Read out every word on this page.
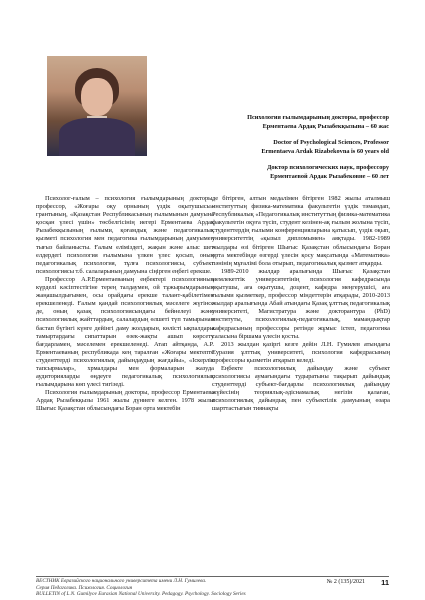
Психология ғылымдарының докторы, профессор
Ерментаева Ардақ Рызабекқызына – 60 жас
Doctor of Psychological Sciences, Professor
Ermentaeva Ardak Rizabekovna is 60 years old
Доктор психологических наук, профессору
Ерментаевой Ардак Рызабековне – 60 лет

Психолог-ғалым – психология ғылымдарының докторы, профессор, «Жоғары оқу орнының үздік оқытушысы» грантының, «Қазақстан Республикасының ғылымынын дамуына қосқан үлесі үшін» төсбелгісінің иегері Ерментаева Ардақ Рызабекқызының ғылыми, қоғамдық және педагогикалық қызметі психология мен педагогика ғылымдарының дамуымен тығыз байланысты. Ғалым еліміздегі, жақын және алыс шет елдердегі психология ғылымына үлкен үлес қосып, оның педагогикалық психология, тұлға психологиясы, субъект психологиясы т.б. салаларының дамуына сіңірген еңбегі ерекше.

Профессор А.Р.Ерментаеваның еңбектері психологияның күрделі кәсіптестігіне терең талдаумен, ой тұжырымдарының жаңашылдығымен, осы орайдағы ерекше талант-қабілетімен ерекшеленеді. Ғалым қандай психологиялық мәселеге жүгінсе де, оның қазақ психологиясындағы бейнелеуі және психологиялық жайттардың, салалардың өлшеті түп тамырынан бастап бүгінгі күнге дейінгі даму жолдарын, көлісті ықпалдары тамыртардағы сипаттарын өзек-жақты ашып көрсету бағдарламен, мәселемен ерекшеленеді. Атап айтқанда, А.Р. Ерментаеваның республикада кең таралған «Жоғары мектепте студенттерді психологиялық дайындаудың жағдайы», «Іскерлік тапсырмалар», хрмалдары мен формаларын жазуда аудиторияларды өңдеуге педагогикалық психологиялық ғылымдарына көп үлесі тигізеді.

Психология ғылымдарының докторы, профессор Ерментаева Ардақ Рызабекқызы 1961 жылы дүниеге келген. 1978 жылы Шығыс Қазақстан облысындағы Боран орта мектебін

де бітірген, алтын медалімен бітірген 1982 жылы аталмыш институттың физика-математика факультетін үздік тәмамдап, Республикалық «Педагогикалық институттың физика-математика факультетін оқуға түсіп, студент кезінен-ақ ғылым жолына түсіп, студенттердің ғылыми конференцияларына қатысып, үздік оқып, университеттің «қызыл дипломымен» аяқтады. 1982-1989 жылдары өзі бітірген Шығыс Қазақстан облысындағы Боран орта мектебінде өзгерді үлесін қосу мақсатында «Математика» пәнінің мұғалімі бола отырып, педагогикалық қызмет атқарды.

1989-2010 жылдар аралығында Шығыс Қазақстан мемлекеттік университетінің психология кафедрасында оқытушы, аға оқытушы, доцент, кафедра меңгерушісі, аға ғылыми қызметкер, профессор міндеттерін атқарады, 2010-2013 жылдар аралығында Абай атындағы Қазақ ұлттық педагогикалық университеті, Магистратура және докторантура (PhD) институты, психологиялық-педагогикалық, мамандықтар кафедрасының профессоры ретінде жұмыс істеп, педагогика саласына біршама үлесін қосты.

2013 жылдан қазіргі кезге дейін Л.Н. Гумилев атындағы Еуразия ұлттық университеті, психология кафедрасының профессоры қызметін атқарып келеді.

Еңбекте психологиялық дайындау және субъект психологиясы аумағындағы тудыратыны тақырып дайындық студенттерді субъект-бағдарлы психологиялық дайындау жүйесінің теориялық-әдіснамалық негізін қалаған, психологиялық дайындық пен субъектілік дамуының өзара шарттастығын тиянақты

ВЕСТНИК Евразийского национального университета имени Л.Н. Гумилева.
Серия Педагогика. Психология. Социология
BULLETIN of L.N. Gumilyov Eurasian National University. Pedagogy. Psychology. Sociology Series
№ 2 (135)/2021 11
